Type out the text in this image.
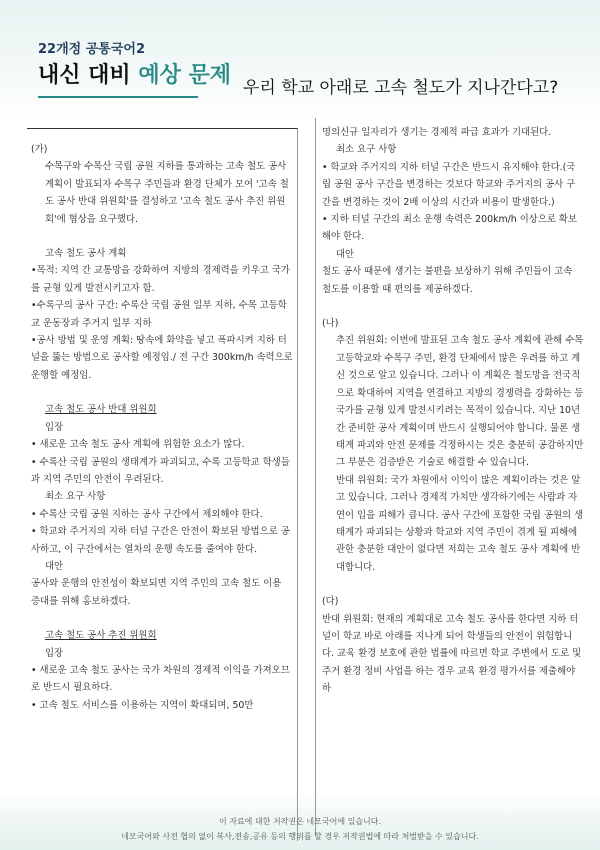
22개정 공통국어2
내신 대비 예상 문제 우리 학교 아래로 고속 철도가 지나간다고?

(가)

수목구와 수목산 국립 공원 지하를 통과하는 고속 철도 공사 계획이 발표되자 수목구 주민들과 환경 단체가 모여 '고속 철도 공사 반대 위원회'를 결성하고 '고속 철도 공사 추진 위원회'에 협상을 요구했다.

고속 철도 공사 계획

•목적: 지역 간 교통망을 강화하여 지방의 경제력을 키우고 국가를 균형 있게 발전시키고자 함.

•수록구의 공사 구간: 수록산 국립 공원 일부 지하, 수목 고등학교 운동장과 주거지 일부 지하

•공사 방법 및 운영 계획: 땅속에 화약을 넣고 폭파시켜 지하 터널을 뚫는 방법으로 공사할 예정임./ 전 구간 300km/h 속력으로 운행할 예정임.

고속 철도 공사 반대 위원회

입장

• 새로운 고속 철도 공사 계획에 위험한 요소가 많다.

• 수록산 국립 공원의 생태계가 파괴되고, 수록 고등학교 학생들과 지역 주민의 안전이 우려된다.

최소 요구 사항

• 수록산 국립 공원 지하는 공사 구간에서 제외해야 한다.

• 학교와 주거지의 지하 터널 구간은 안전이 확보된 방법으로 공사하고, 이 구간에서는 열차의 운행 속도를 줄여야 한다.

대안

공사와 운행의 안전성이 확보되면 지역 주민의 고속 철도 이용 증대를 위해 홍보하겠다.

고속 철도 공사 추진 위원회

입장

• 새로운 고속 철도 공사는 국가 차원의 경제적 이익을 가져오므로 반드시 필요하다.

• 고속 철도 서비스를 이용하는 지역이 확대되며, 50만

명의신규 일자리가 생기는 경제적 파급 효과가 기대된다.

최소 요구 사항

• 학교와 주거지의 지하 터널 구간은 반드시 유지해야 한다.(국립 공원 공사 구간을 변경하는 것보다 학교와 주거지의 공사 구간을 변경하는 것이 2배 이상의 시간과 비용이 발생한다.)

• 지하 터널 구간의 최소 운행 속력은 200km/h 이상으로 확보해야 한다.

대안

철도 공사 때문에 생기는 불편을 보상하기 위해 주민들이 고속 철도를 이용할 때 편의를 제공하겠다.

(나)

추진 위원회: 이번에 발표된 고속 철도 공사 계획에 관해 수목 고등학교와 수목구 주민, 환경 단체에서 많은 우려를 하고 계신 것으로 알고 있습니다. 그러나 이 계획은 철도망을 전국적으로 확대하여 지역을 연결하고 지방의 경쟁력을 강화하는 등 국가를 균형 있게 발전시키려는 목적이 있습니다. 지난 10년간 준비한 공사 계획이며 반드시 실행되어야 합니다. 물론 생태계 파괴와 안전 문제를 걱정하시는 것은 충분히 공감하지만 그 부분은 검증받은 기술로 해결할 수 있습니다.

반대 위원회: 국가 차원에서 이익이 많은 계획이라는 것은 알고 있습니다. 그러나 경제적 가치만 생각하기에는 사람과 자연이 입을 피해가 큽니다. 공사 구간에 포함한 국립 공원의 생태계가 파괴되는 상황과 학교와 지역 주민이 겪게 될 피해에 관한 충분한 대안이 없다면 저희는 고속 철도 공사 계획에 반대합니다.

(다)

반대 위원회: 현재의 계획대로 고속 철도 공사를 한다면 지하 터널이 학교 바로 아래를 지나게 되어 학생들의 안전이 위험합니다. 교육 환경 보호에 관한 법률에 따르면 학교 주변에서 도로 및 주거 환경 정비 사업을 하는 경우 교육 환경 평가서를 제출해야 하

이 자료에 대한 저작권은 네모국어에 있습니다.
네모국어와 사전 협의 없이 복사,전송,공유 등의 행위를 할 경우 저작권법에 따라 처벌받을 수 있습니다.
